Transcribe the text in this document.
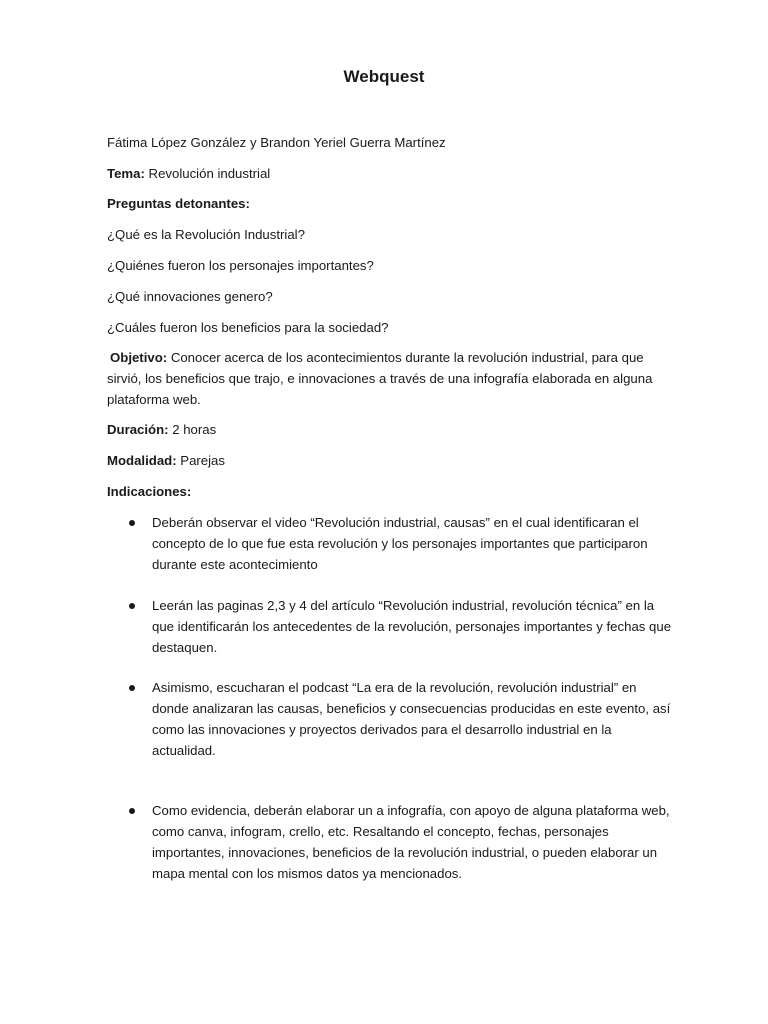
Webquest
Fátima López González y Brandon Yeriel Guerra Martínez
Tema: Revolución industrial
Preguntas detonantes:
¿Qué es la Revolución Industrial?
¿Quiénes fueron los personajes importantes?
¿Qué innovaciones genero?
¿Cuáles fueron los beneficios para la sociedad?
Objetivo: Conocer acerca de los acontecimientos durante la revolución industrial, para que sirvió, los beneficios que trajo, e innovaciones a través de una infografía elaborada en alguna plataforma web.
Duración: 2 horas
Modalidad: Parejas
Indicaciones:
Deberán observar el video “Revolución industrial, causas” en el cual identificaran el concepto de lo que fue esta revolución y los personajes importantes que participaron durante este acontecimiento
Leerán las paginas 2,3 y 4 del artículo “Revolución industrial, revolución técnica” en la que identificarán los antecedentes de la revolución, personajes importantes y fechas que destaquen.
Asimismo, escucharan el podcast “La era de la revolución, revolución industrial” en donde analizaran las causas, beneficios y consecuencias producidas en este evento, así como las innovaciones y proyectos derivados para el desarrollo industrial en la actualidad.
Como evidencia, deberán elaborar un a infografía, con apoyo de alguna plataforma web, como canva, infogram, crello, etc. Resaltando el concepto, fechas, personajes importantes, innovaciones, beneficios de la revolución industrial, o pueden elaborar un mapa mental con los mismos datos ya mencionados.
